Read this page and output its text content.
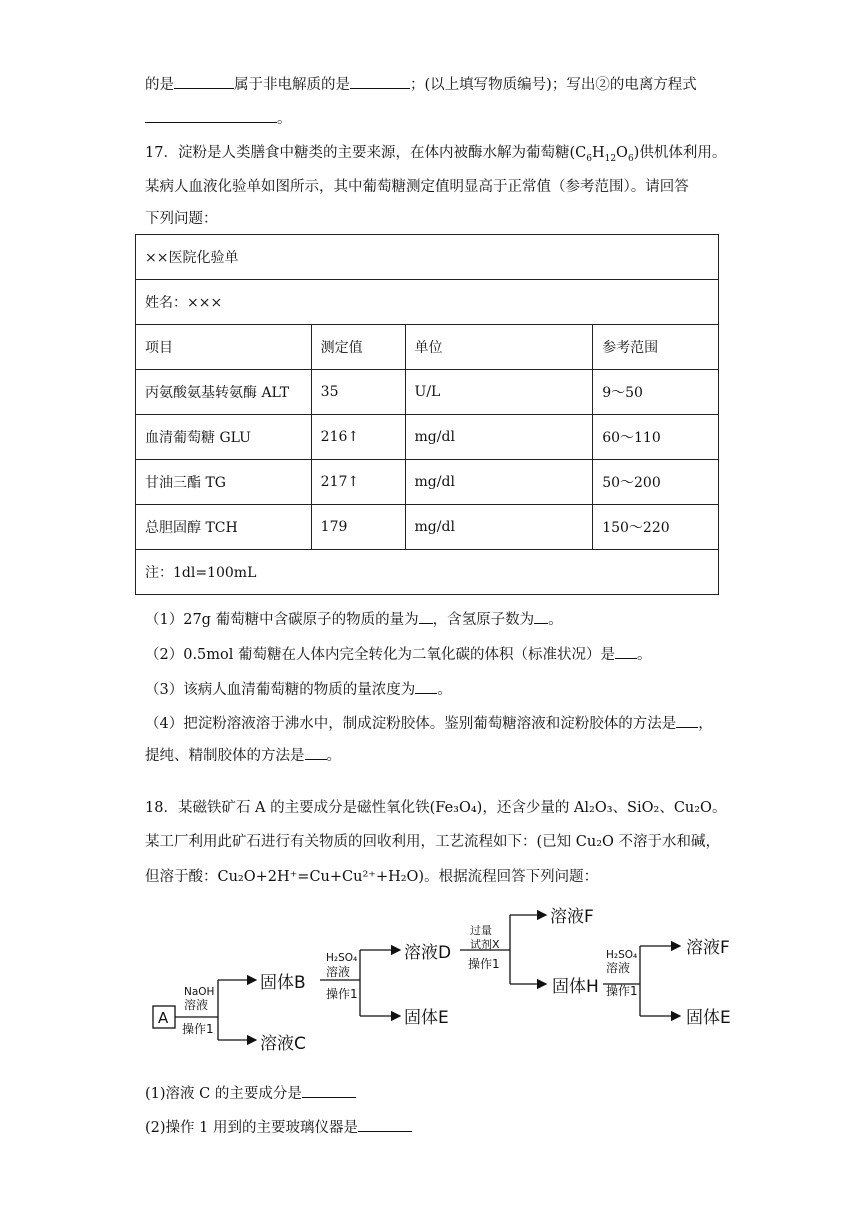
的是	属于非电解质的是	；(以上填写物质编号)；写出②的电离方程式
。
17．淀粉是人类膳食中糖类的主要来源，在体内被酶水解为葡萄糖$(C_6H_{12}O_6)$供机体利用。
某病人血液化验单如图所示，其中葡萄糖测定值明显高于正常值（参考范围）。请回答
下列问题：
××医院化验单			
姓名：×××			
项目	测定值	单位	参考范围
丙氨酸氨基转氨酶 ALT	35	U/L	9～50
血清葡萄糖 GLU	216↑	mg/dl	60～110
甘油三酯 TG	217↑	mg/dl	50～200
总胆固醇 TCH	179	mg/dl	150～220
注：1dl=100mL			
（1）27g 葡萄糖中含碳原子的物质的量为 ，含氢原子数为 。
（2）0.5mol 葡萄糖在人体内完全转化为二氧化碳的体积（标准状况）是 。
（3）该病人血清葡萄糖的物质的量浓度为 。
（4）把淀粉溶液溶于沸水中，制成淀粉胶体。鉴别葡萄糖溶液和淀粉胶体的方法是 ，
提纯、精制胶体的方法是 。
18．某磁铁矿石 A 的主要成分是磁性氧化铁(Fe₃O₄)，还含少量的 Al₂O₃、SiO₂、Cu₂O。
某工厂利用此矿石进行有关物质的回收利用，工艺流程如下：(已知 Cu₂O 不溶于水和碱，
但溶于酸：Cu₂O+2H⁺=Cu+Cu²⁺+H₂O)。根据流程回答下列问题：
A
NaOH
溶液
操作1
固体B
溶液C
H₂SO₄
溶液
操作1
溶液D
固体E
过量
试剂X
操作1
溶液F
固体H
H₂SO₄
溶液
操作1
溶液F
固体E
(1)溶液 C 的主要成分是
(2)操作 1 用到的主要玻璃仪器是
